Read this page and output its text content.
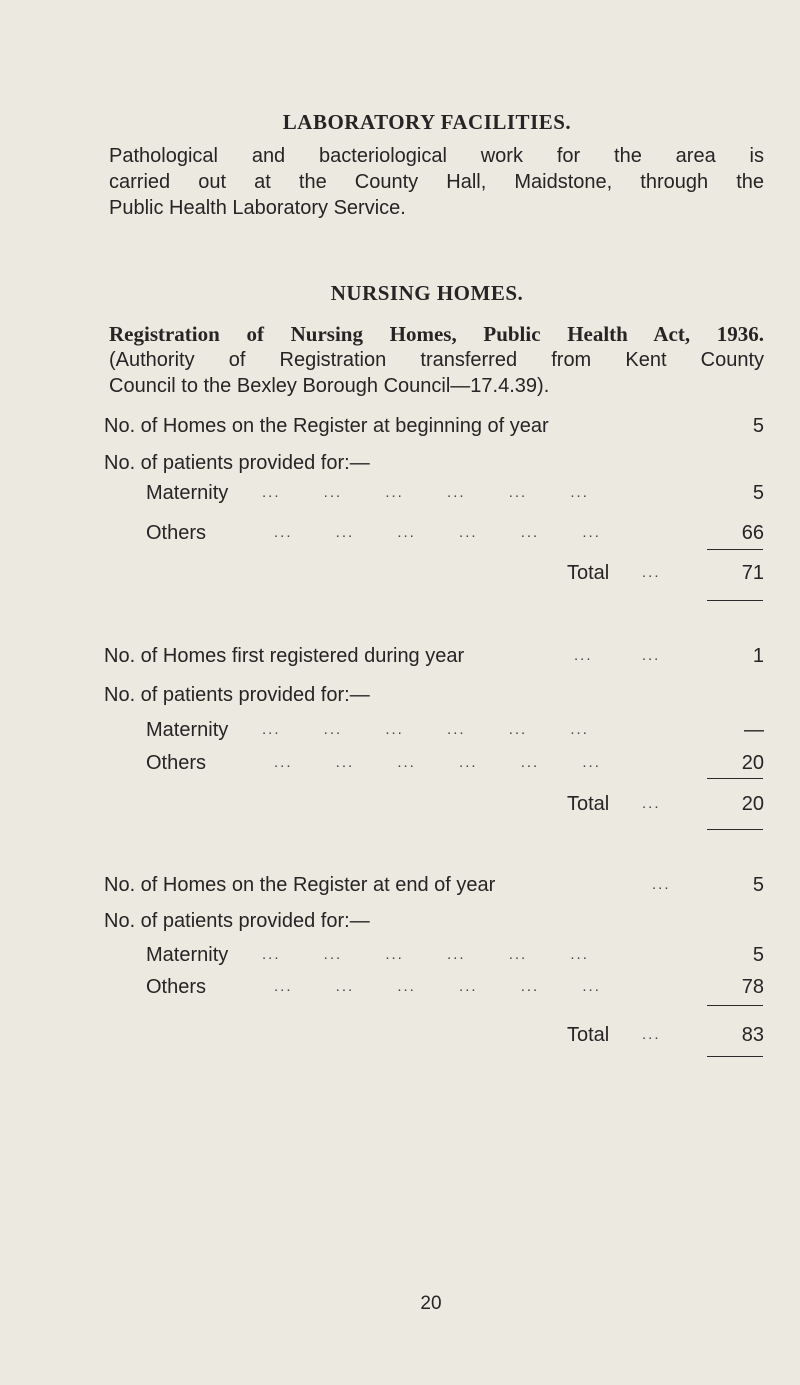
LABORATORY FACILITIES.
Pathological and bacteriological work for the area is
carried out at the County Hall, Maidstone, through the
Public Health Laboratory Service.
NURSING HOMES.
Registration of Nursing Homes, Public Health Act, 1936.
(Authority of Registration transferred from Kent County
Council to the Bexley Borough Council—17.4.39).
No. of Homes on the Register at beginning of year	5
No. of patients provided for:—
Maternity ...       ...       ...       ...       ...       ...	5
Others	...       ...       ...       ...       ...       ...	66
Total ...	71
No. of Homes first registered during year	...        ...	1
No. of patients provided for:—
Maternity ...       ...       ...       ...       ...       ...	—
Others	...       ...       ...       ...       ...       ...	20
Total ...	20
No. of Homes on the Register at end of year	...	5
No. of patients provided for:—
Maternity ...       ...       ...       ...       ...       ...	5
Others	...       ...       ...       ...       ...       ...	78
Total ...	83
20
